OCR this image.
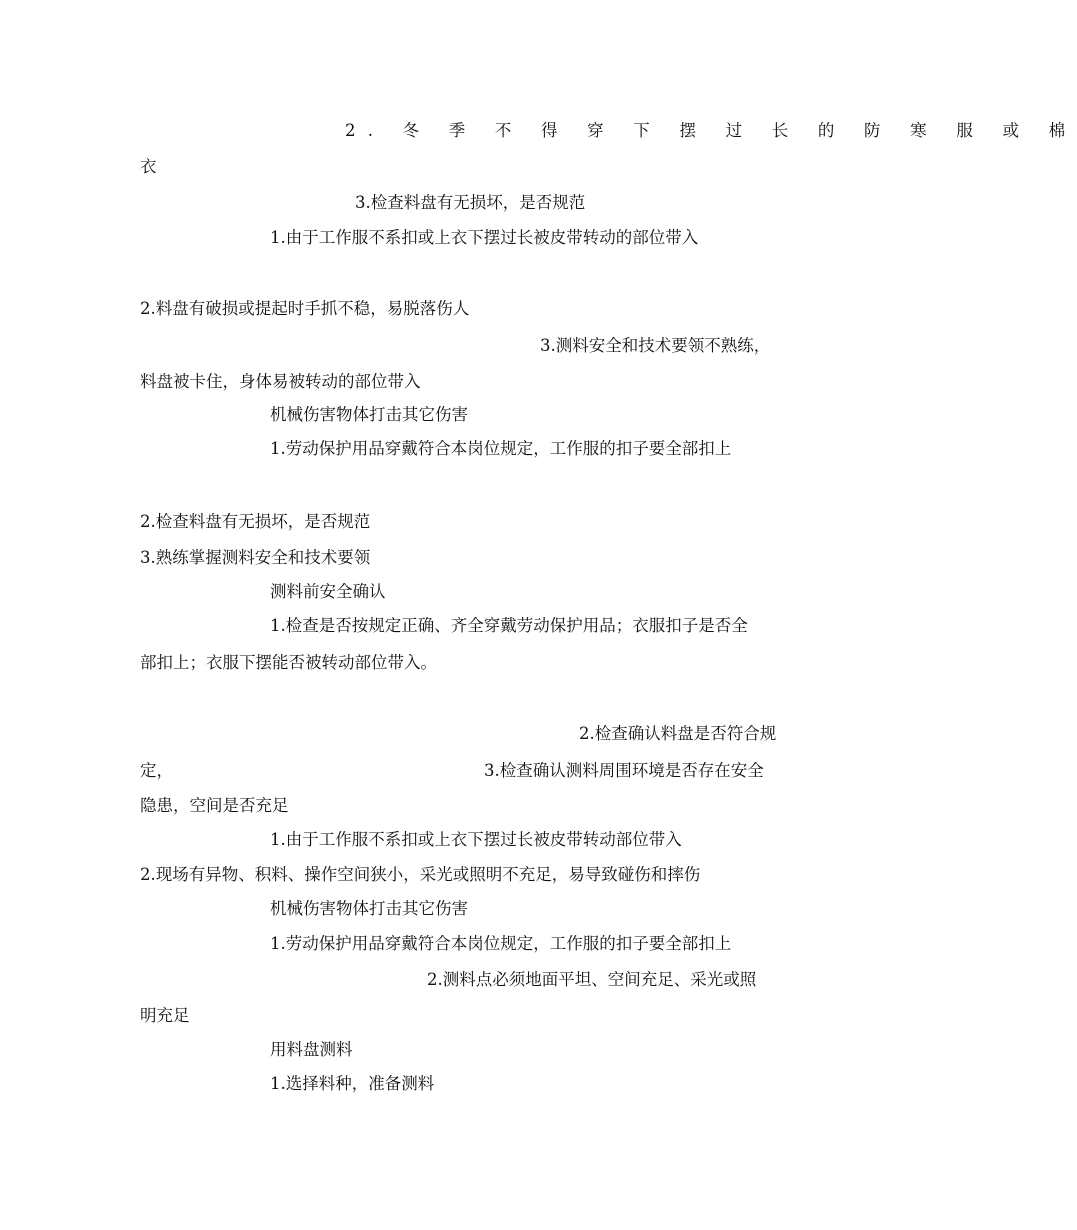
2. 冬 季 不 得 穿 下 摆 过 长 的 防 寒 服 或 棉
衣
3.检查料盘有无损坏，是否规范
1.由于工作服不系扣或上衣下摆过长被皮带转动的部位带入
2.料盘有破损或提起时手抓不稳，易脱落伤人
3.测料安全和技术要领不熟练，
料盘被卡住，身体易被转动的部位带入
机械伤害物体打击其它伤害
1.劳动保护用品穿戴符合本岗位规定，工作服的扣子要全部扣上
2.检查料盘有无损坏，是否规范
3.熟练掌握测料安全和技术要领
测料前安全确认
1.检查是否按规定正确、齐全穿戴劳动保护用品；衣服扣子是否全
部扣上；衣服下摆能否被转动部位带入。
2.检查确认料盘是否符合规
定，	3.检查确认测料周围环境是否存在安全
隐患，空间是否充足
1.由于工作服不系扣或上衣下摆过长被皮带转动部位带入
2.现场有异物、积料、操作空间狭小，采光或照明不充足，易导致碰伤和摔伤
机械伤害物体打击其它伤害
1.劳动保护用品穿戴符合本岗位规定，工作服的扣子要全部扣上
2.测料点必须地面平坦、空间充足、采光或照
明充足
用料盘测料
1.选择料种，准备测料
